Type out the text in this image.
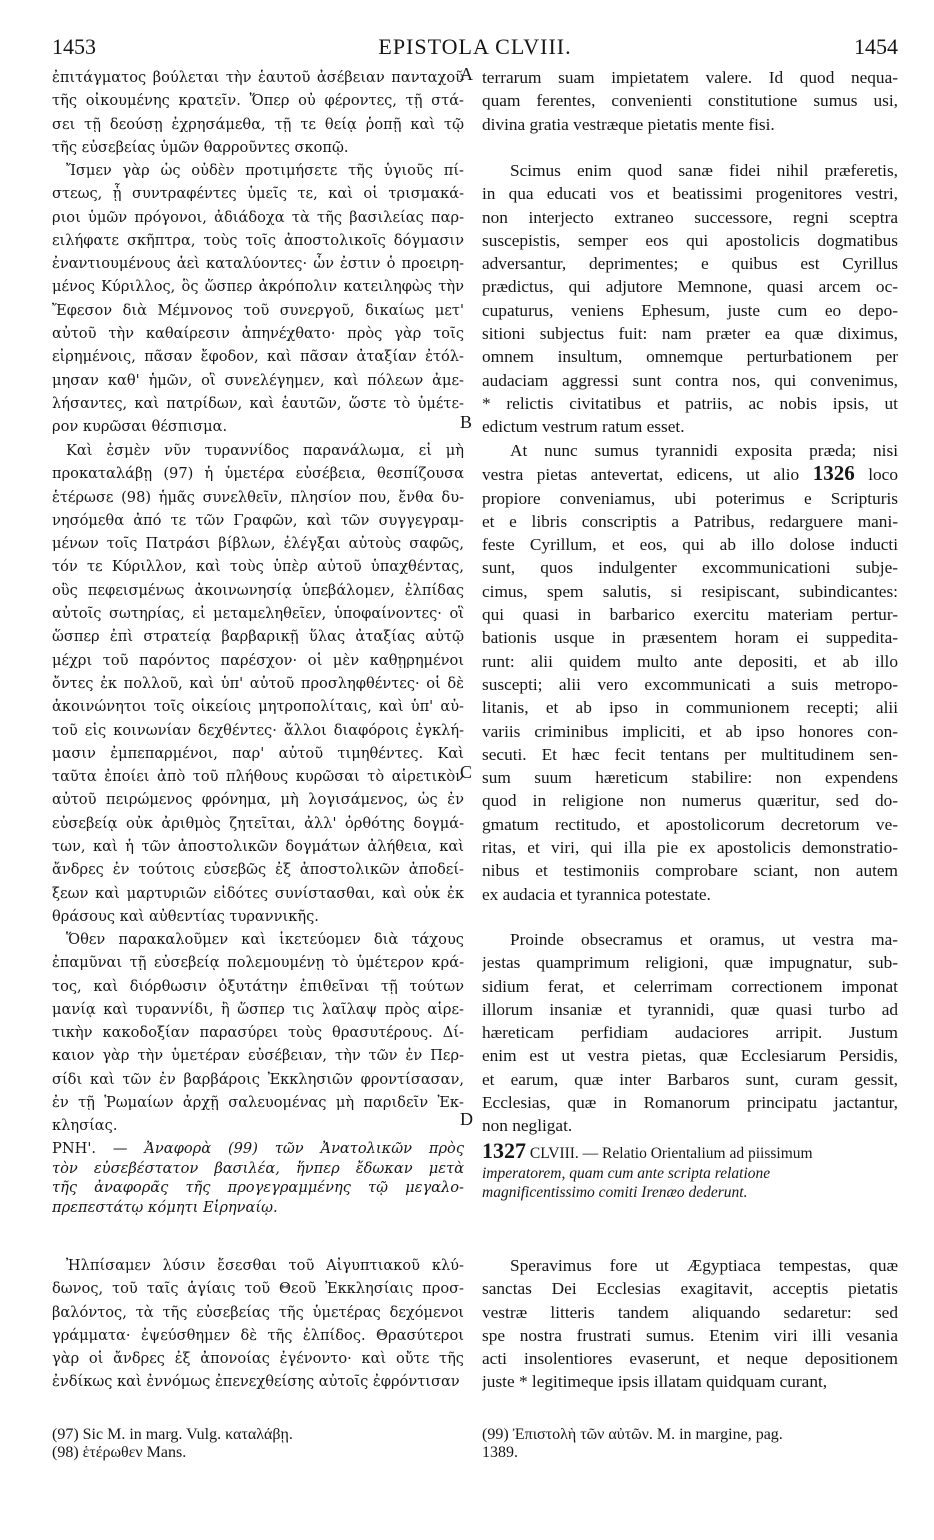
1453	EPISTOLA CLVIII.	1454
A
B
C
D
ἐπιτάγματος βούλεται τὴν ἑαυτοῦ ἀσέβειαν πανταχοῦ
τῆς οἰκουμένης κρατεῖν. Ὅπερ οὐ φέροντες, τῇ στά-
σει τῇ δεούσῃ ἐχρησάμεθα, τῇ τε θείᾳ ῥοπῇ καὶ τῷ
τῆς εὐσεβείας ὑμῶν θαρροῦντες σκοπῷ.
Ἴσμεν γὰρ ὡς οὐδὲν προτιμήσετε τῆς ὑγιοῦς πί-
στεως, ᾗ συντραφέντες ὑμεῖς τε, καὶ οἱ τρισμακά-
ριοι ὑμῶν πρόγονοι, ἀδιάδοχα τὰ τῆς βασιλείας παρ-
ειλήφατε σκῆπτρα, τοὺς τοῖς ἀποστολικοῖς δόγμασιν
ἐναντιουμένους ἀεὶ καταλύοντες· ὧν ἐστιν ὁ προειρη-
μένος Κύριλλος, ὃς ὥσπερ ἀκρόπολιν κατειληφὼς τὴν
Ἔφεσον διὰ Μέμνονος τοῦ συνεργοῦ, δικαίως μετ'
αὐτοῦ τὴν καθαίρεσιν ἀπηνέχθατο· πρὸς γὰρ τοῖς
εἰρημένοις, πᾶσαν ἔφοδον, καὶ πᾶσαν ἀταξίαν ἐτόλ-
μησαν καθ' ἡμῶν, οἳ συνελέγημεν, καὶ πόλεων ἀμε-
λήσαντες, καὶ πατρίδων, καὶ ἑαυτῶν, ὥστε τὸ ὑμέτε-
ρον κυρῶσαι θέσπισμα.
Καὶ ἐσμὲν νῦν τυραννίδος παρανάλωμα, εἰ μὴ
προκαταλάβῃ (97) ἡ ὑμετέρα εὐσέβεια, θεσπίζουσα
ἑτέρωσε (98) ἡμᾶς συνελθεῖν, πλησίον που, ἔνθα δυ-
νησόμεθα ἀπό τε τῶν Γραφῶν, καὶ τῶν συγγεγραμ-
μένων τοῖς Πατράσι βίβλων, ἐλέγξαι αὐτοὺς σαφῶς,
τόν τε Κύριλλον, καὶ τοὺς ὑπὲρ αὐτοῦ ὑπαχθέντας,
οὓς πεφεισμένως ἀκοινωνησίᾳ ὑπεβάλομεν, ἐλπίδας
αὐτοῖς σωτηρίας, εἰ μεταμεληθεῖεν, ὑποφαίνοντες· οἳ
ὥσπερ ἐπὶ στρατείᾳ βαρβαρικῇ ὕλας ἀταξίας αὐτῷ
μέχρι τοῦ παρόντος παρέσχον· οἱ μὲν καθῃρημένοι
ὄντες ἐκ πολλοῦ, καὶ ὑπ' αὐτοῦ προσληφθέντες· οἱ δὲ
ἀκοινώνητοι τοῖς οἰκείοις μητροπολίταις, καὶ ὑπ' αὐ-
τοῦ εἰς κοινωνίαν δεχθέντες· ἄλλοι διαφόροις ἐγκλή-
μασιν ἐμπεπαρμένοι, παρ' αὐτοῦ τιμηθέντες. Καὶ
ταῦτα ἐποίει ἀπὸ τοῦ πλήθους κυρῶσαι τὸ αἱρετικὸν
αὐτοῦ πειρώμενος φρόνημα, μὴ λογισάμενος, ὡς ἐν
εὐσεβείᾳ οὐκ ἀριθμὸς ζητεῖται, ἀλλ' ὀρθότης δογμά-
των, καὶ ἡ τῶν ἀποστολικῶν δογμάτων ἀλήθεια, καὶ
ἄνδρες ἐν τούτοις εὐσεβῶς ἐξ ἀποστολικῶν ἀποδεί-
ξεων καὶ μαρτυριῶν εἰδότες συνίστασθαι, καὶ οὐκ ἐκ
θράσους καὶ αὐθεντίας τυραννικῆς.
Ὅθεν παρακαλοῦμεν καὶ ἱκετεύομεν διὰ τάχους
ἐπαμῦναι τῇ εὐσεβείᾳ πολεμουμένῃ τὸ ὑμέτερον κρά-
τος, καὶ διόρθωσιν ὀξυτάτην ἐπιθεῖναι τῇ τούτων
μανίᾳ καὶ τυραννίδι, ἢ ὥσπερ τις λαῖλαψ πρὸς αἱρε-
τικὴν κακοδοξίαν παρασύρει τοὺς θρασυτέρους. Δί-
καιον γὰρ τὴν ὑμετέραν εὐσέβειαν, τὴν τῶν ἐν Περ-
σίδι καὶ τῶν ἐν βαρβάροις Ἐκκλησιῶν φροντίσασαν,
ἐν τῇ Ῥωμαίων ἀρχῇ σαλευομένας μὴ παριδεῖν Ἐκ-
κλησίας.
ΡΝΗ'. — Ἀναφορὰ (99) τῶν Ἀνατολικῶν πρὸς
τὸν εὐσεβέστατον βασιλέα, ἥνπερ ἔδωκαν μετὰ
τῆς ἀναφορᾶς τῆς προγεγραμμένης τῷ μεγαλο-
πρεπεστάτῳ κόμητι Εἰρηναίῳ.
Ἠλπίσαμεν λύσιν ἔσεσθαι τοῦ Αἰγυπτιακοῦ κλύ-
δωνος, τοῦ ταῖς ἁγίαις τοῦ Θεοῦ Ἐκκλησίαις προσ-
βαλόντος, τὰ τῆς εὐσεβείας τῆς ὑμετέρας δεχόμενοι
γράμματα· ἐψεύσθημεν δὲ τῆς ἐλπίδος. Θρασύτεροι
γὰρ οἱ ἄνδρες ἐξ ἀπονοίας ἐγένοντο· καὶ οὔτε τῆς
ἐνδίκως καὶ ἐννόμως ἐπενεχθείσης αὐτοῖς ἐφρόντισαν
terrarum suam impietatem valere. Id quod nequa-
quam ferentes, convenienti constitutione sumus usi,
divina gratia vestræque pietatis mente fisi.
Scimus enim quod sanæ fidei nihil præferetis,
in qua educati vos et beatissimi progenitores vestri,
non interjecto extraneo successore, regni sceptra
suscepistis, semper eos qui apostolicis dogmatibus
adversantur, deprimentes; e quibus est Cyrillus
prædictus, qui adjutore Memnone, quasi arcem oc-
cupaturus, veniens Ephesum, juste cum eo depo-
sitioni subjectus fuit: nam præter ea quæ diximus,
omnem insultum, omnemque perturbationem per
audaciam aggressi sunt contra nos, qui convenimus,
* relictis civitatibus et patriis, ac nobis ipsis, ut
edictum vestrum ratum esset.
At nunc sumus tyrannidi exposita præda; nisi
vestra pietas antevertat, edicens, ut alio 1326 loco
propiore conveniamus, ubi poterimus e Scripturis
et e libris conscriptis a Patribus, redarguere mani-
feste Cyrillum, et eos, qui ab illo dolose inducti
sunt, quos indulgenter excommunicationi subje-
cimus, spem salutis, si resipiscant, subindicantes:
qui quasi in barbarico exercitu materiam pertur-
bationis usque in præsentem horam ei suppedita-
runt: alii quidem multo ante depositi, et ab illo
suscepti; alii vero excommunicati a suis metropo-
litanis, et ab ipso in communionem recepti; alii
variis criminibus impliciti, et ab ipso honores con-
secuti. Et hæc fecit tentans per multitudinem sen-
sum suum hæreticum stabilire: non expendens
quod in religione non numerus quæritur, sed do-
gmatum rectitudo, et apostolicorum decretorum ve-
ritas, et viri, qui illa pie ex apostolicis demonstratio-
nibus et testimoniis comprobare sciant, non autem
ex audacia et tyrannica potestate.
Proinde obsecramus et oramus, ut vestra ma-
jestas quamprimum religioni, quæ impugnatur, sub-
sidium ferat, et celerrimam correctionem imponat
illorum insaniæ et tyrannidi, quæ quasi turbo ad
hæreticam perfidiam audaciores arripit. Justum
enim est ut vestra pietas, quæ Ecclesiarum Persidis,
et earum, quæ inter Barbaros sunt, curam gessit,
Ecclesias, quæ in Romanorum principatu jactantur,
non negligat.
1327 CLVIII. — Relatio Orientalium ad piissimum
imperatorem, quam cum ante scripta relatione
magnificentissimo comiti Irenæo dederunt.
Speravimus fore ut Ægyptiaca tempestas, quæ
sanctas Dei Ecclesias exagitavit, acceptis pietatis
vestræ litteris tandem aliquando sedaretur: sed
spe nostra frustrati sumus. Etenim viri illi vesania
acti insolentiores evaserunt, et neque depositionem
juste * legitimeque ipsis illatam quidquam curant,
(97) Sic M. in marg. Vulg. καταλάβῃ.
(98) ἑτέρωθεν Mans.
(99) Ἐπιστολὴ τῶν αὐτῶν. M. in margine, pag.
1389.
